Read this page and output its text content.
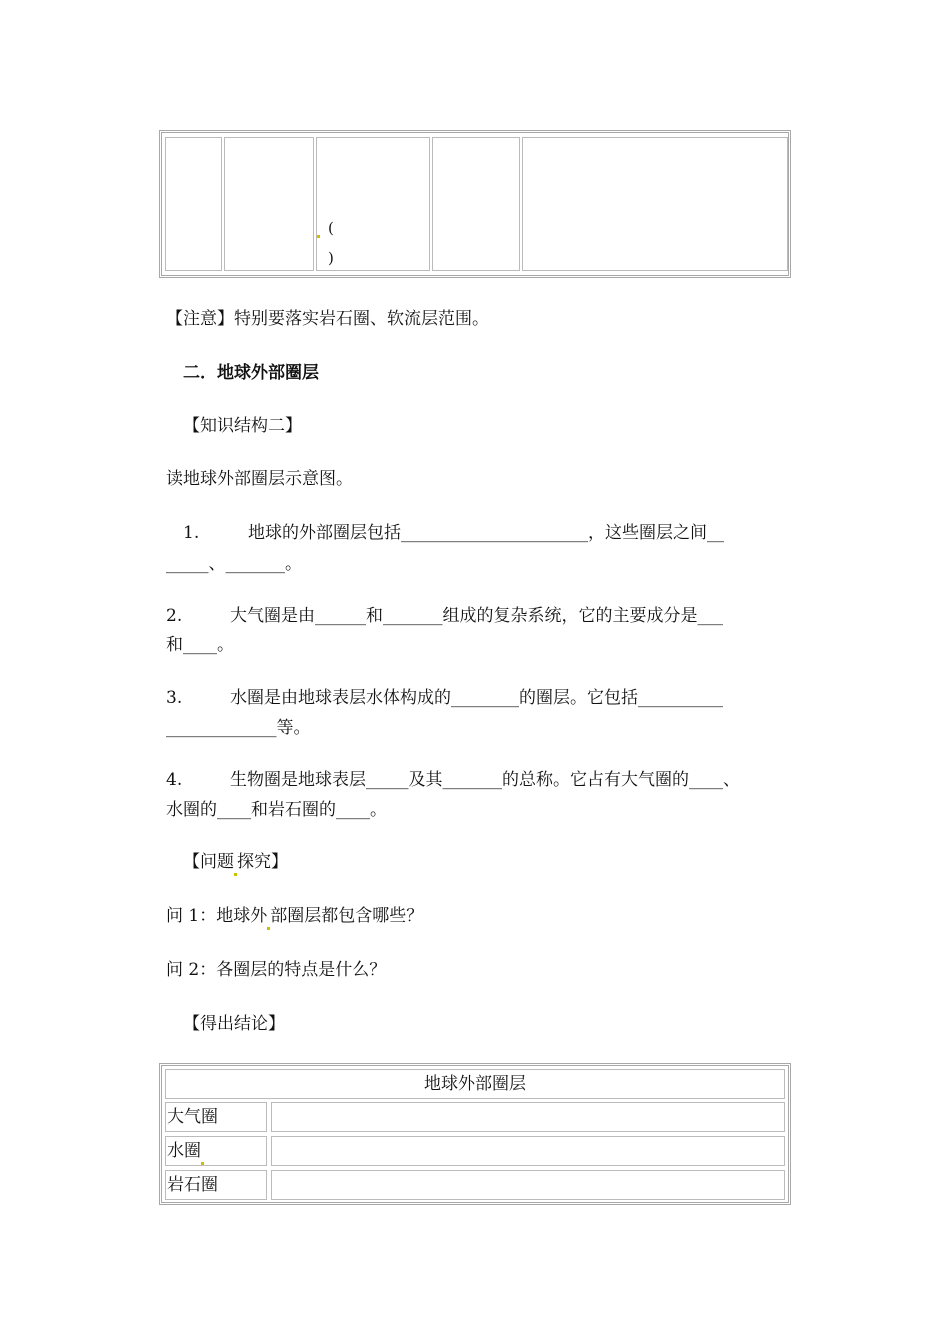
(
)
【注意】特别要落实岩石圈、软流层范围。
二．地球外部圈层
【知识结构二】
读地球外部圈层示意图。
1.	地球的外部圈层包括______________________，这些圈层之间__
_____、_______。
2.	大气圈是由______和_______组成的复杂系统，它的主要成分是___
和____。
3.	水圈是由地球表层水体构成的________的圈层。它包括__________
_____________等。
4.	生物圈是地球表层_____及其_______的总称。它占有大气圈的____、
水圈的____和岩石圈的____。
【问题 探究】
问 1：地球外 部圈层都包含哪些？
问 2：各圈层的特点是什么？
【得出结论】
地球外部圈层
大气圈
水圈
岩石圈
